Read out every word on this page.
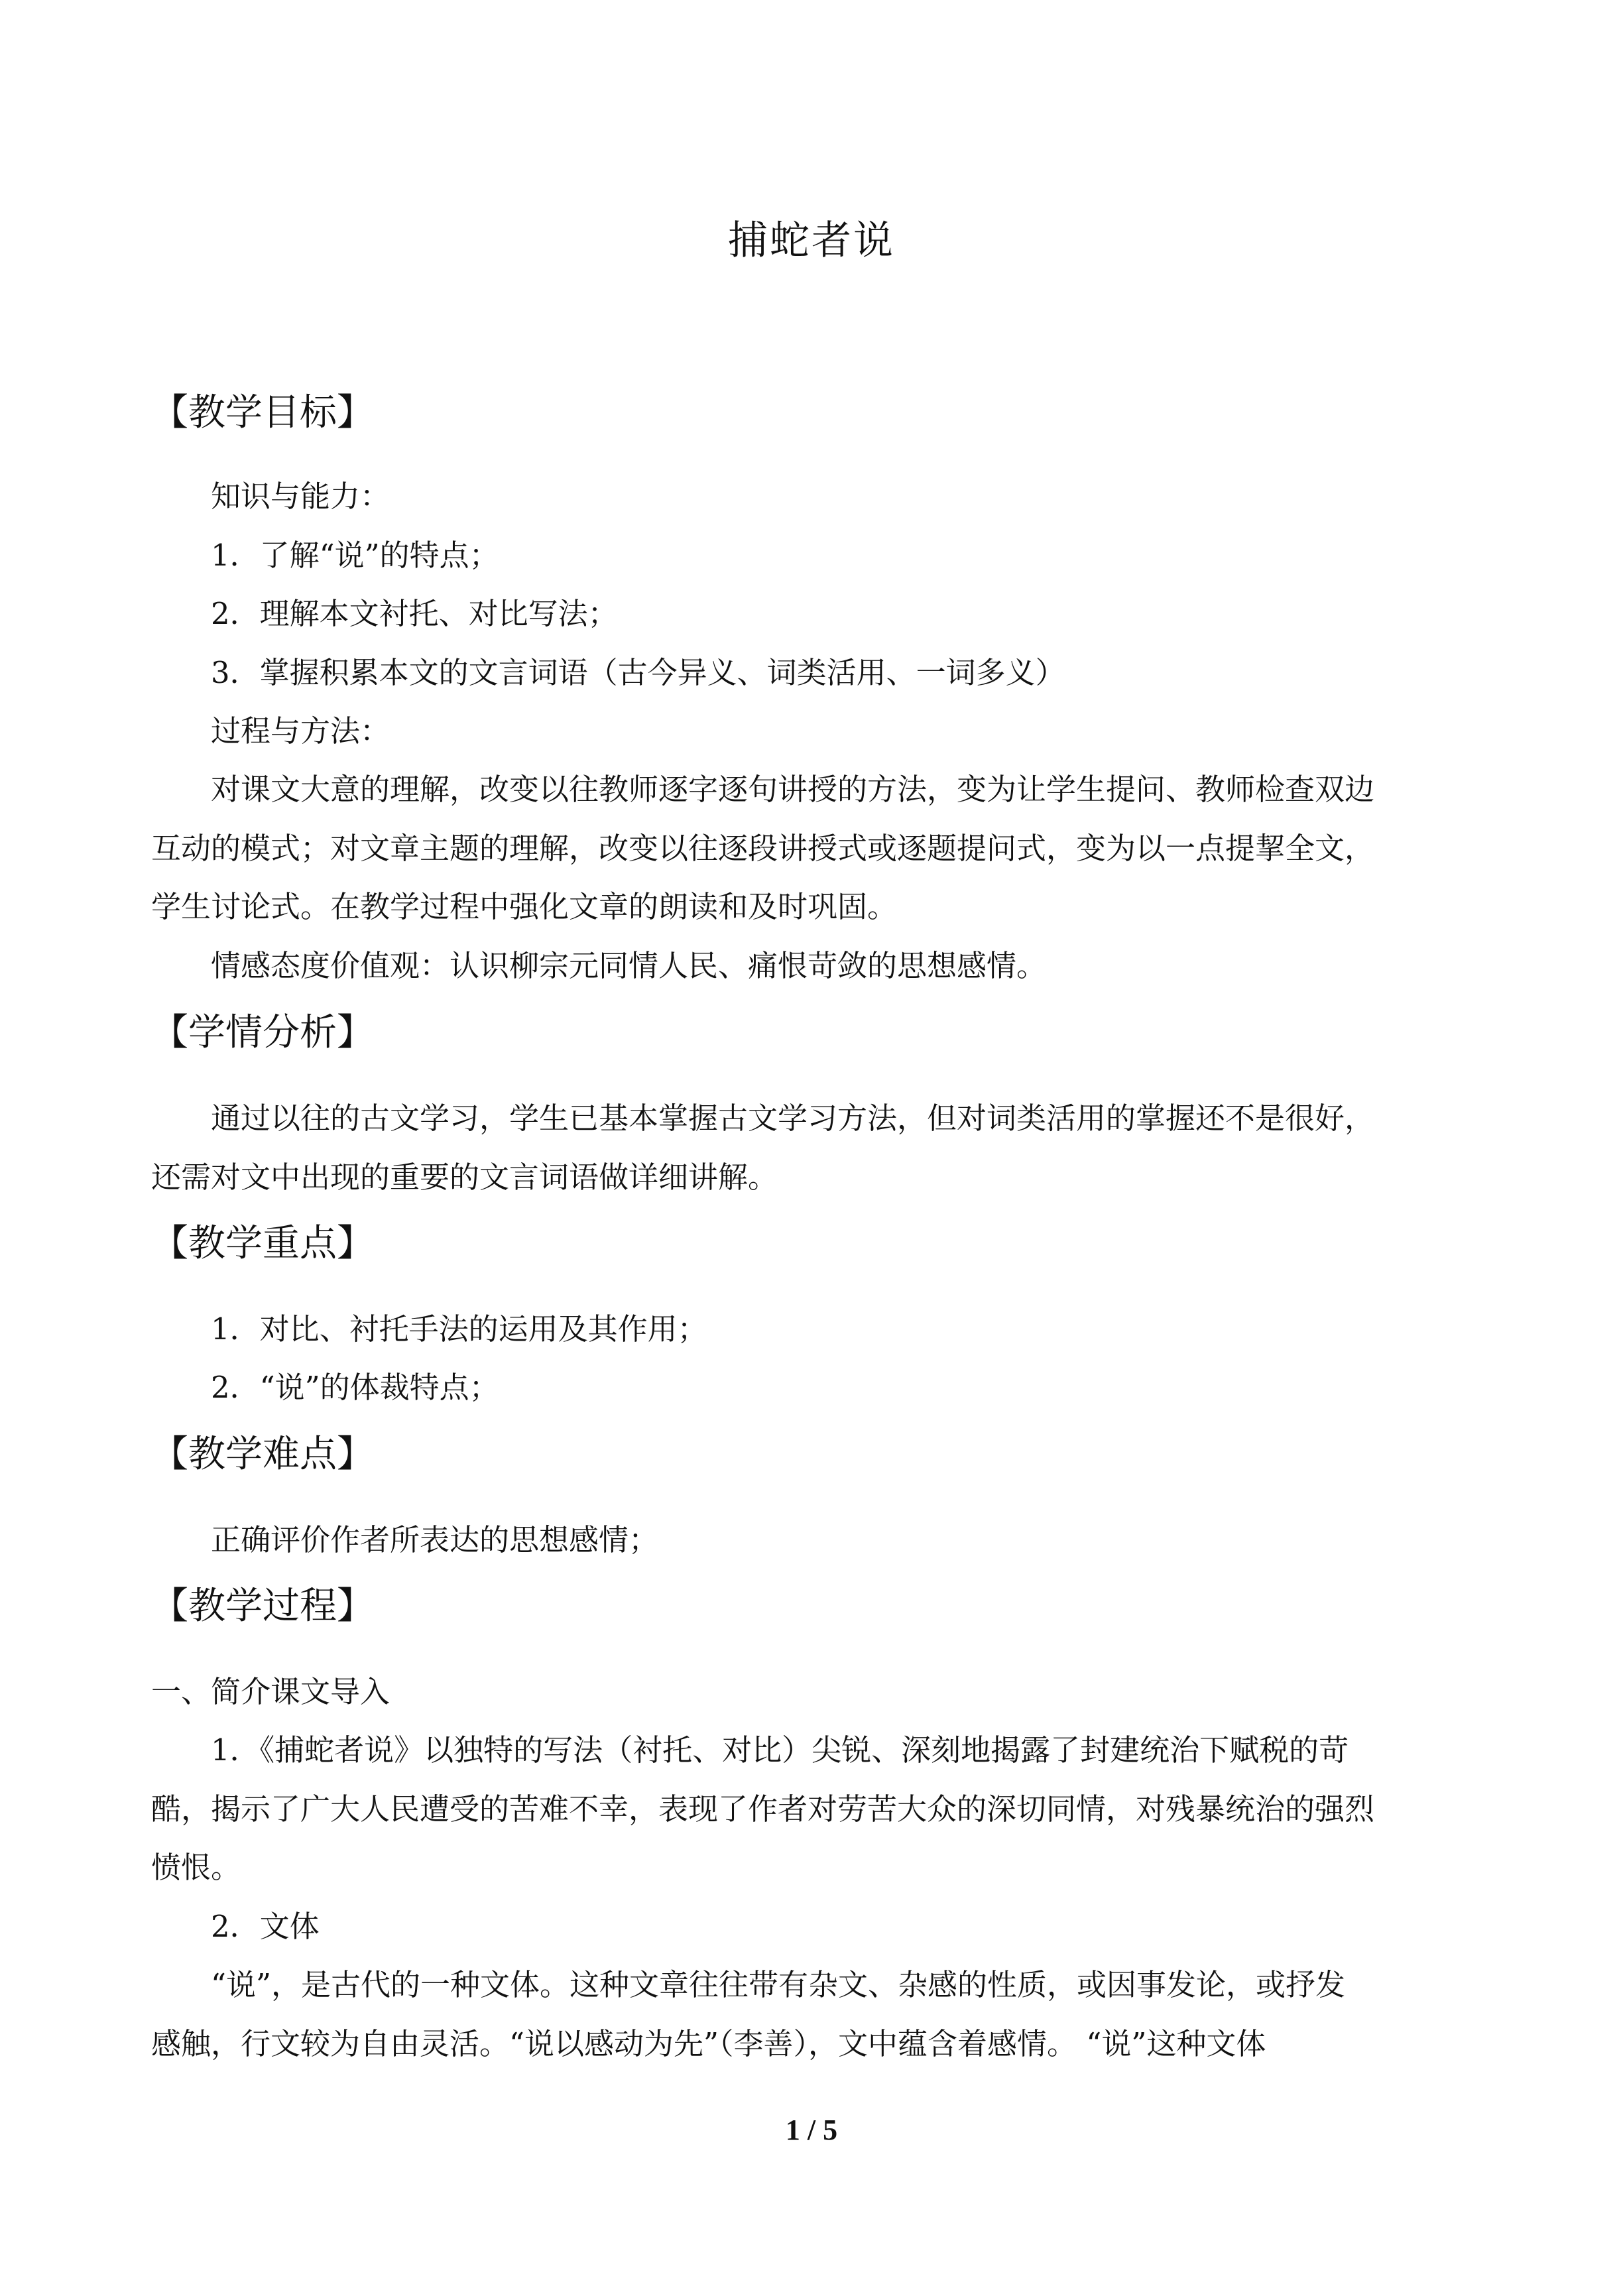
捕蛇者说
【教学目标】
知识与能力：
1．了解“说”的特点；
2．理解本文衬托、对比写法；
3．掌握积累本文的文言词语（古今异义、词类活用、一词多义）
过程与方法：
对课文大意的理解，改变以往教师逐字逐句讲授的方法，变为让学生提问、教师检查双边
互动的模式；对文章主题的理解，改变以往逐段讲授式或逐题提问式，变为以一点提挈全文，
学生讨论式。在教学过程中强化文章的朗读和及时巩固。
情感态度价值观：认识柳宗元同情人民、痛恨苛敛的思想感情。
【学情分析】
通过以往的古文学习，学生已基本掌握古文学习方法，但对词类活用的掌握还不是很好，
还需对文中出现的重要的文言词语做详细讲解。
【教学重点】
1．对比、衬托手法的运用及其作用；
2．“说”的体裁特点；
【教学难点】
正确评价作者所表达的思想感情；
【教学过程】
一、简介课文导入
1．《捕蛇者说》以独特的写法（衬托、对比）尖锐、深刻地揭露了封建统治下赋税的苛
酷，揭示了广大人民遭受的苦难不幸，表现了作者对劳苦大众的深切同情，对残暴统治的强烈
愤恨。
2．文体
“说”，是古代的一种文体。这种文章往往带有杂文、杂感的性质，或因事发论，或抒发
感触，行文较为自由灵活。“说以感动为先”（李善），文中蕴含着感情。 “说”这种文体
1 / 5
